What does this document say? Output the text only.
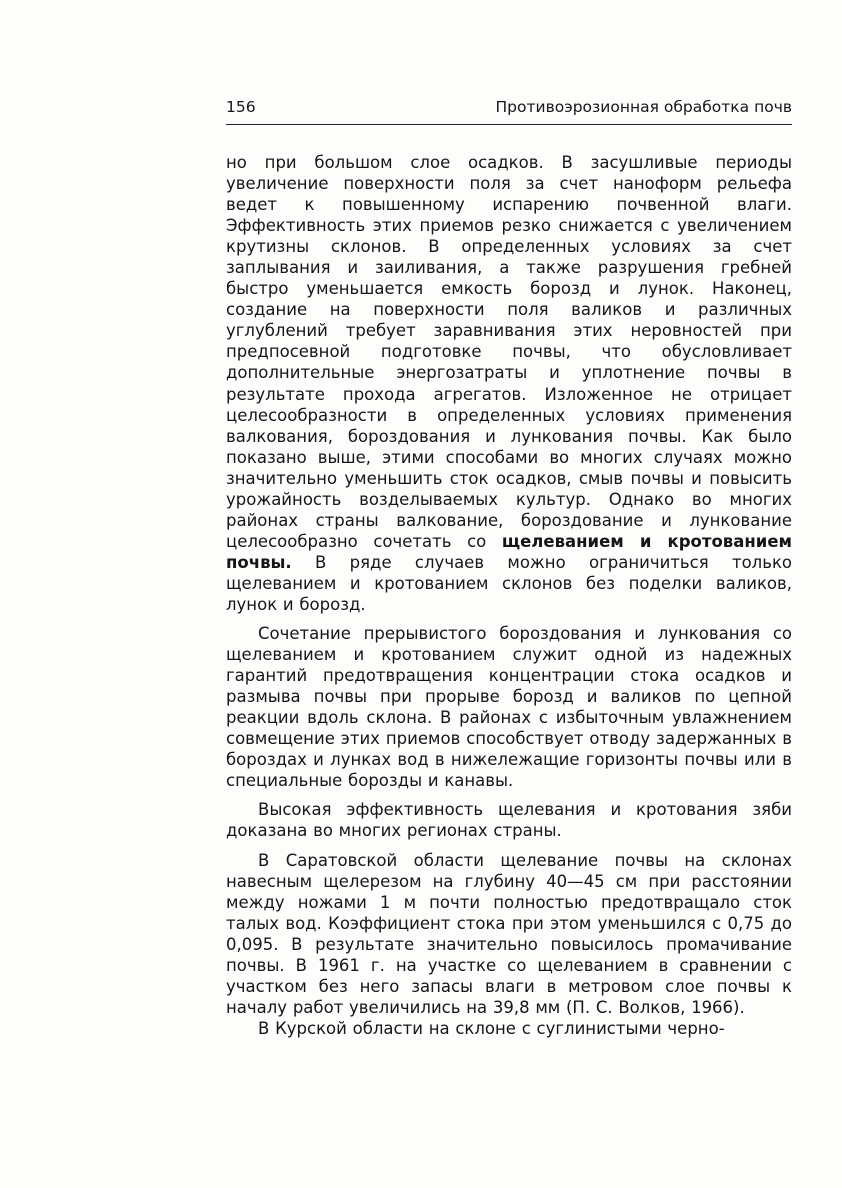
156	Противоэрозионная обработка почв

но при большом слое осадков. В засушливые периоды увеличение поверхности поля за счет наноформ рельефа ведет к повышенному испарению почвенной влаги. Эффективность этих приемов резко снижается с увеличением крутизны склонов. В определенных условиях за счет заплывания и заиливания, а также разрушения гребней быстро уменьшается емкость борозд и лунок. Наконец, создание на поверхности поля валиков и различных углублений требует заравнивания этих неровностей при предпосевной подготовке почвы, что обусловливает дополнительные энергозатраты и уплотнение почвы в результате прохода агрегатов. Изложенное не отрицает целесообразности в определенных условиях применения валкования, бороздования и лункования почвы. Как было показано выше, этими способами во многих случаях можно значительно уменьшить сток осадков, смыв почвы и повысить урожайность возделываемых культур. Однако во многих районах страны валкование, бороздование и лункование целесообразно сочетать со щелеванием и кротованием почвы. В ряде случаев можно ограничиться только щелеванием и кротованием склонов без поделки валиков, лунок и борозд.

Сочетание прерывистого бороздования и лункования со щелеванием и кротованием служит одной из надежных гарантий предотвращения концентрации стока осадков и размыва почвы при прорыве борозд и валиков по цепной реакции вдоль склона. В районах с избыточным увлажнением совмещение этих приемов способствует отводу задержанных в бороздах и лунках вод в нижележащие горизонты почвы или в специальные борозды и канавы.

Высокая эффективность щелевания и кротования зяби доказана во многих регионах страны.

В Саратовской области щелевание почвы на склонах навесным щелерезом на глубину 40—45 см при расстоянии между ножами 1 м почти полностью предотвращало сток талых вод. Коэффициент стока при этом уменьшился с 0,75 до 0,095. В результате значительно повысилось промачивание почвы. В 1961 г. на участке со щелеванием в сравнении с участком без него запасы влаги в метровом слое почвы к началу работ увеличились на 39,8 мм (П. С. Волков, 1966).

В Курской области на склоне с суглинистыми черно-
